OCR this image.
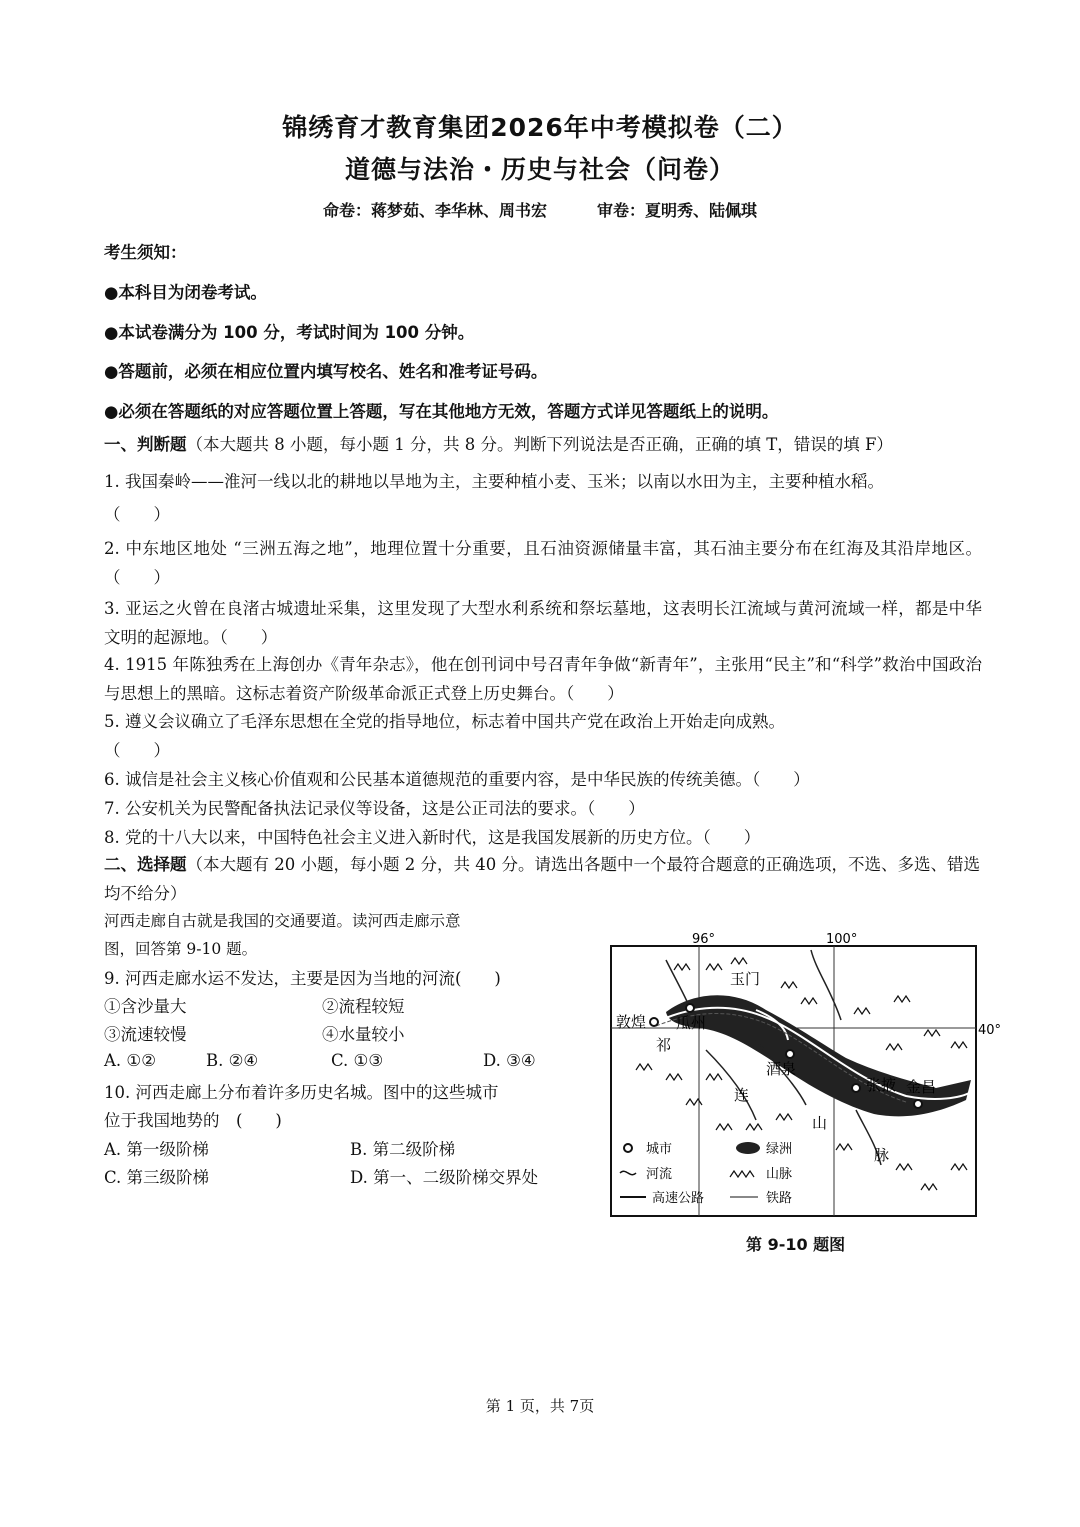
锦绣育才教育集团2026年中考模拟卷（二）
道德与法治・历史与社会（问卷）
命卷：蒋梦茹、李华林、周书宏	审卷：夏明秀、陆佩琪
考生须知：
●本科目为闭卷考试。
●本试卷满分为 100 分，考试时间为 100 分钟。
●答题前，必须在相应位置内填写校名、姓名和准考证号码。
●必须在答题纸的对应答题位置上答题，写在其他地方无效，答题方式详见答题纸上的说明。
一、判断题（本大题共 8 小题，每小题 1 分，共 8 分。判断下列说法是否正确，正确的填 T，错误的填 F）
1. 我国秦岭——淮河一线以北的耕地以旱地为主，主要种植小麦、玉米；以南以水田为主，主要种植水稻。
（　　）
2. 中东地区地处 “三洲五海之地”，地理位置十分重要，且石油资源储量丰富，其石油主要分布在红海及其沿岸地区。（　　）
3. 亚运之火曾在良渚古城遗址采集，这里发现了大型水利系统和祭坛墓地，这表明长江流域与黄河流域一样，都是中华文明的起源地。（　　）
4. 1915 年陈独秀在上海创办《青年杂志》，他在创刊词中号召青年争做“新青年”，主张用“民主”和“科学”救治中国政治与思想上的黑暗。这标志着资产阶级革命派正式登上历史舞台。（　　）
5. 遵义会议确立了毛泽东思想在全党的指导地位，标志着中国共产党在政治上开始走向成熟。
（　　）
6. 诚信是社会主义核心价值观和公民基本道德规范的重要内容，是中华民族的传统美德。（　　）
7. 公安机关为民警配备执法记录仪等设备，这是公正司法的要求。（　　）
8. 党的十八大以来，中国特色社会主义进入新时代，这是我国发展新的历史方位。（　　）
二、选择题（本大题有 20 小题，每小题 2 分，共 40 分。请选出各题中一个最符合题意的正确选项，不选、多选、错选均不给分）
河西走廊自古就是我国的交通要道。读河西走廊示意
图，回答第 9-10 题。
9. 河西走廊水运不发达，主要是因为当地的河流(　　)
①含沙量大	②流程较短
③流速较慢	④水量较小
A. ①②	B. ②④	C. ①③	D. ③④
10. 河西走廊上分布着许多历史名城。图中的这些城市
位于我国地势的　(　　)
A. 第一级阶梯	B. 第二级阶梯
C. 第三级阶梯	D. 第一、二级阶梯交界处
96°	100°
40°
敦煌 瓜州
玉门
酒泉
张掖 金昌
祁
连
山
脉
城市	绿洲
河流	山脉
高速公路	铁路
第 9-10 题图
第 1 页，共 7页
